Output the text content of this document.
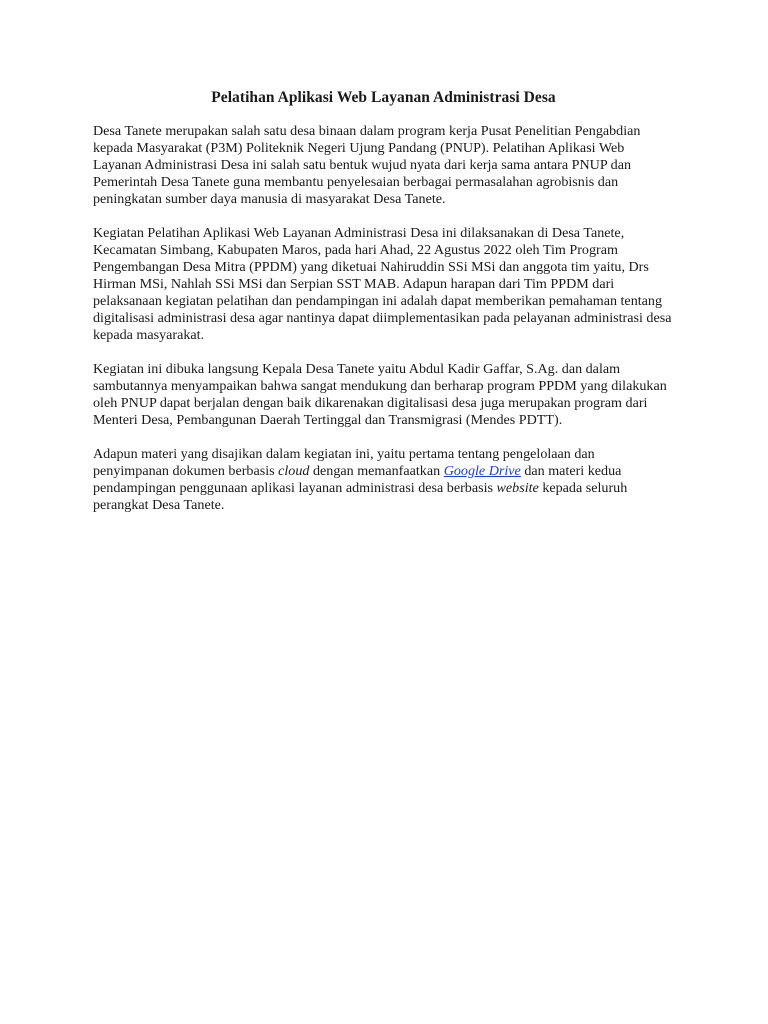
Pelatihan Aplikasi Web Layanan Administrasi Desa

Desa Tanete merupakan salah satu desa binaan dalam program kerja Pusat Penelitian Pengabdian kepada Masyarakat (P3M) Politeknik Negeri Ujung Pandang (PNUP). Pelatihan Aplikasi Web Layanan Administrasi Desa ini salah satu bentuk wujud nyata dari kerja sama antara PNUP dan Pemerintah Desa Tanete guna membantu penyelesaian berbagai permasalahan agrobisnis dan peningkatan sumber daya manusia di masyarakat Desa Tanete.

Kegiatan Pelatihan Aplikasi Web Layanan Administrasi Desa ini dilaksanakan di Desa Tanete, Kecamatan Simbang, Kabupaten Maros, pada hari Ahad, 22 Agustus 2022 oleh Tim Program Pengembangan Desa Mitra (PPDM) yang diketuai Nahiruddin SSi MSi dan anggota tim yaitu, Drs Hirman MSi, Nahlah SSi MSi dan Serpian SST MAB. Adapun harapan dari Tim PPDM dari pelaksanaan kegiatan pelatihan dan pendampingan ini adalah dapat memberikan pemahaman tentang digitalisasi administrasi desa agar nantinya dapat diimplementasikan pada pelayanan administrasi desa kepada masyarakat.

Kegiatan ini dibuka langsung Kepala Desa Tanete yaitu Abdul Kadir Gaffar, S.Ag. dan dalam sambutannya menyampaikan bahwa sangat mendukung dan berharap program PPDM yang dilakukan oleh PNUP dapat berjalan dengan baik dikarenakan digitalisasi desa juga merupakan program dari Menteri Desa, Pembangunan Daerah Tertinggal dan Transmigrasi (Mendes PDTT).

Adapun materi yang disajikan dalam kegiatan ini, yaitu pertama tentang pengelolaan dan penyimpanan dokumen berbasis cloud dengan memanfaatkan Google Drive dan materi kedua pendampingan penggunaan aplikasi layanan administrasi desa berbasis website kepada seluruh perangkat Desa Tanete.
